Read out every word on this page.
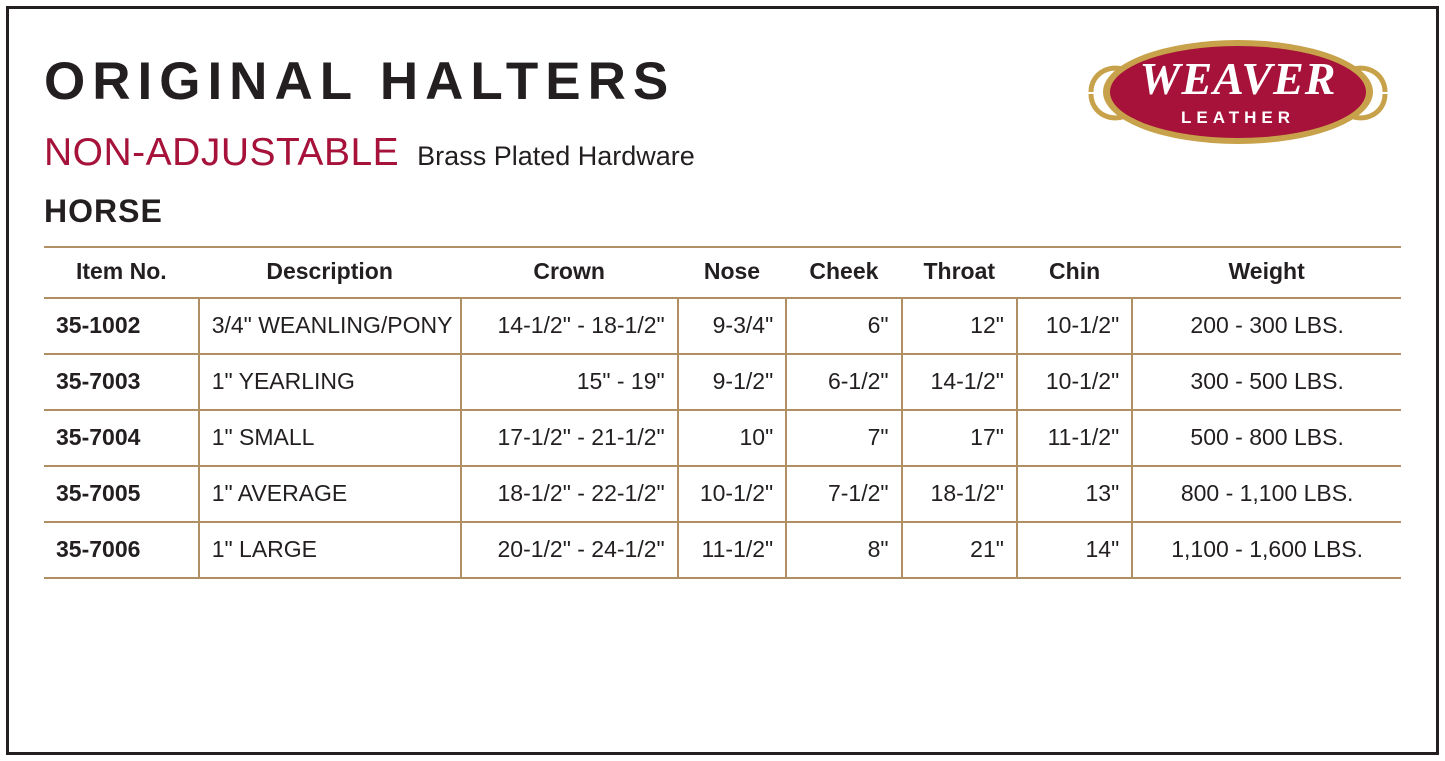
WEAVER
LEATHER
ORIGINAL HALTERS
NON-ADJUSTABLE Brass Plated Hardware
HORSE
Item No.	Description	Crown	Nose	Cheek	Throat	Chin	Weight
35-1002	3/4" WEANLING/PONY	14-1/2" - 18-1/2"	9-3/4"	6"	12"	10-1/2"	200 - 300 LBS.
35-7003	1" YEARLING	15" - 19"	9-1/2"	6-1/2"	14-1/2"	10-1/2"	300 - 500 LBS.
35-7004	1" SMALL	17-1/2" - 21-1/2"	10"	7"	17"	11-1/2"	500 - 800 LBS.
35-7005	1" AVERAGE	18-1/2" - 22-1/2"	10-1/2"	7-1/2"	18-1/2"	13"	800 - 1,100 LBS.
35-7006	1" LARGE	20-1/2" - 24-1/2"	11-1/2"	8"	21"	14"	1,100 - 1,600 LBS.
